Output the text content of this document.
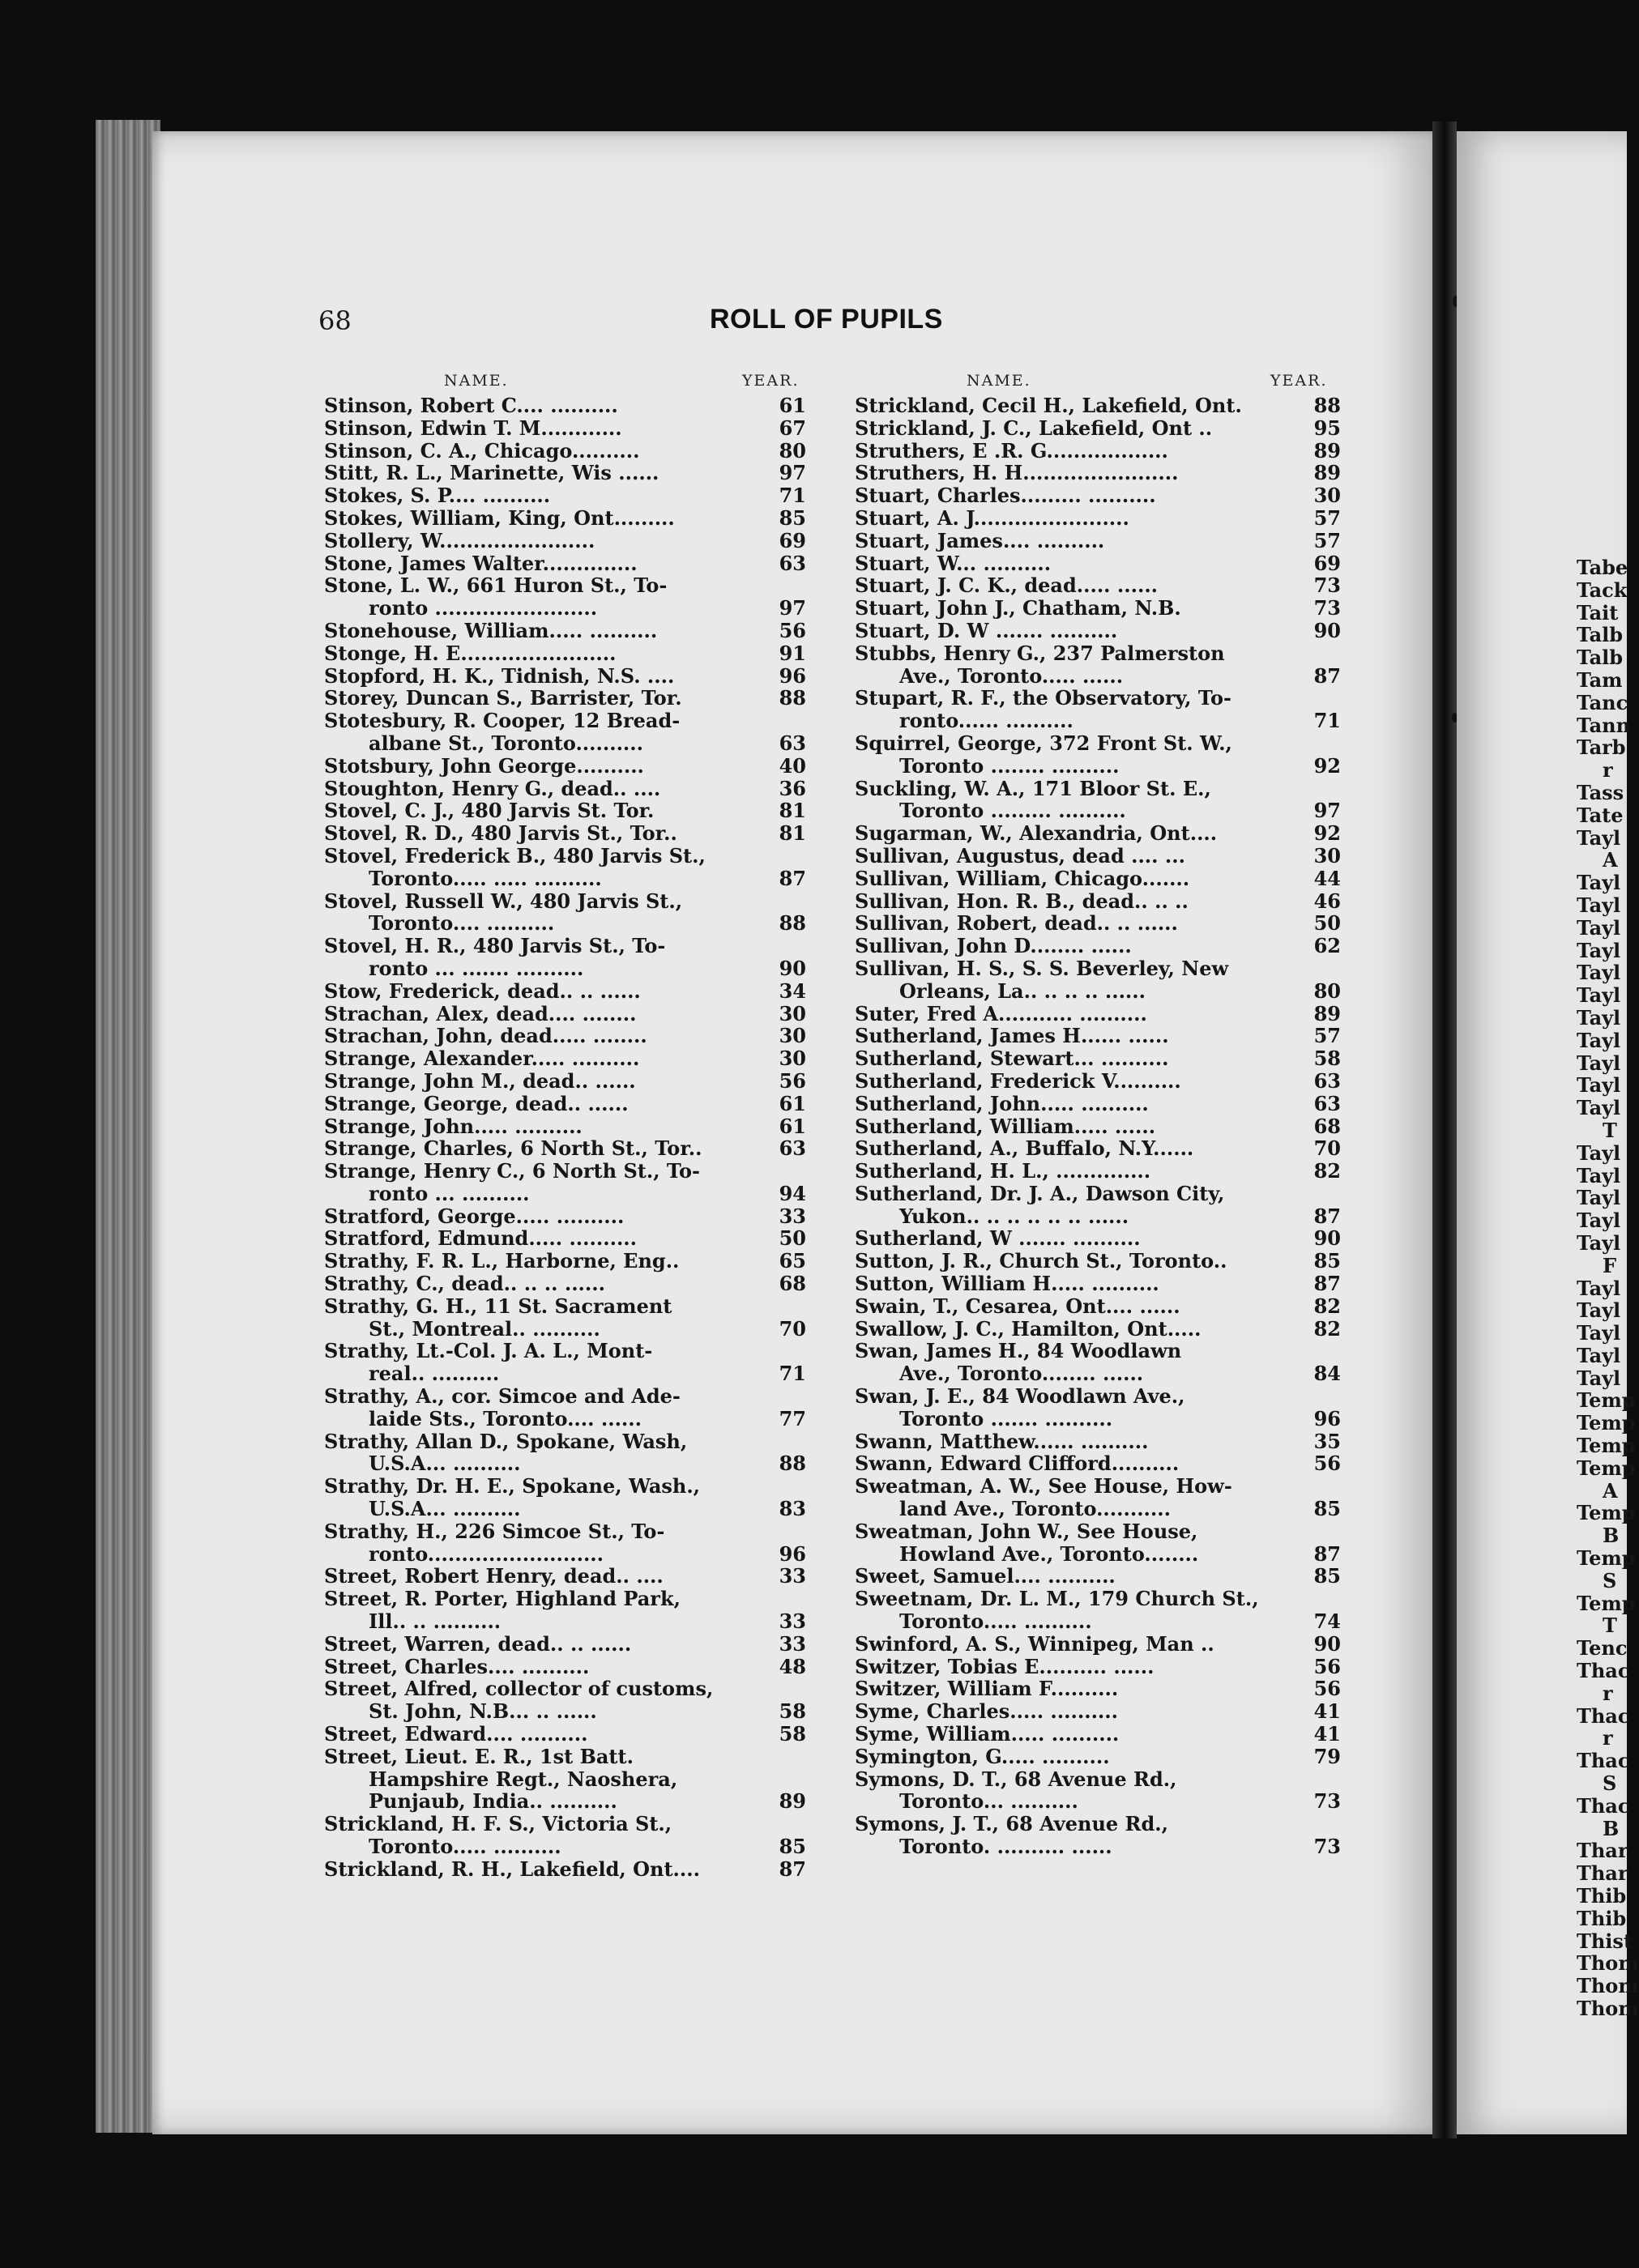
68	ROLL OF PUPILS
NAME.	YEAR.	NAME.	YEAR.
Tabe
Tack
Tait
Talb
Talb
Tam
Tanc
Tann
Tarb
r
Tass
Tate
Tayl
A
Tayl
Tayl
Tayl
Tayl
Tayl
Tayl
Tayl
Tayl
Tayl
Tayl
Tayl
T
Tayl
Tayl
Tayl
Tayl
Tayl
F
Tayl
Tayl
Tayl
Tayl
Tayl
Temp
Temp
Temp
Temp
A
Temp
B
Temp
S
Temp
T
Tenc
Thac
r
Thac
r
Thac
S
Thac
B
Thar
Thar
Thib
Thib
Thist
Thom
Thom
Thom
Stinson, Robert C.... ..........	61
Stinson, Edwin T. M............	67
Stinson, C. A., Chicago..........	80
Stitt, R. L., Marinette, Wis ......	97
Stokes, S. P.... ..........	71
Stokes, William, King, Ont.........	85
Stollery, W.......................	69
Stone, James Walter..............	63
Stone, L. W., 661 Huron St., To-
ronto ........................	97
Stonehouse, William..... ..........	56
Stonge, H. E.......................	91
Stopford, H. K., Tidnish, N.S. ....	96
Storey, Duncan S., Barrister, Tor.	88
Stotesbury, R. Cooper, 12 Bread-
albane St., Toronto..........	63
Stotsbury, John George..........	40
Stoughton, Henry G., dead.. ....	36
Stovel, C. J., 480 Jarvis St. Tor.	81
Stovel, R. D., 480 Jarvis St., Tor..	81
Stovel, Frederick B., 480 Jarvis St.,
Toronto..... ..... ..........	87
Stovel, Russell W., 480 Jarvis St.,
Toronto.... ..........	88
Stovel, H. R., 480 Jarvis St., To-
ronto ... ....... ..........	90
Stow, Frederick, dead.. .. ......	34
Strachan, Alex, dead.... ........	30
Strachan, John, dead..... ........	30
Strange, Alexander..... ..........	30
Strange, John M., dead.. ......	56
Strange, George, dead.. ......	61
Strange, John..... ..........	61
Strange, Charles, 6 North St., Tor..	63
Strange, Henry C., 6 North St., To-
ronto ... ..........	94
Stratford, George..... ..........	33
Stratford, Edmund..... ..........	50
Strathy, F. R. L., Harborne, Eng..	65
Strathy, C., dead.. .. .. ......	68
Strathy, G. H., 11 St. Sacrament
St., Montreal.. ..........	70
Strathy, Lt.-Col. J. A. L., Mont-
real.. ..........	71
Strathy, A., cor. Simcoe and Ade-
laide Sts., Toronto.... ......	77
Strathy, Allan D., Spokane, Wash,
U.S.A... ..........	88
Strathy, Dr. H. E., Spokane, Wash.,
U.S.A... ..........	83
Strathy, H., 226 Simcoe St., To-
ronto..........................	96
Street, Robert Henry, dead.. ....	33
Street, R. Porter, Highland Park,
Ill.. .. ..........	33
Street, Warren, dead.. .. ......	33
Street, Charles.... ..........	48
Street, Alfred, collector of customs,
St. John, N.B... .. ......	58
Street, Edward.... ..........	58
Street, Lieut. E. R., 1st Batt.
Hampshire Regt., Naoshera,
Punjaub, India.. ..........	89
Strickland, H. F. S., Victoria St.,
Toronto..... ..........	85
Strickland, R. H., Lakefield, Ont....	87
Strickland, Cecil H., Lakefield, Ont.	88
Strickland, J. C., Lakefield, Ont ..	95
Struthers, E .R. G..................	89
Struthers, H. H.......................	89
Stuart, Charles......... ..........	30
Stuart, A. J.......................	57
Stuart, James.... ..........	57
Stuart, W... ..........	69
Stuart, J. C. K., dead..... ......	73
Stuart, John J., Chatham, N.B.	73
Stuart, D. W ....... ..........	90
Stubbs, Henry G., 237 Palmerston
Ave., Toronto..... ......	87
Stupart, R. F., the Observatory, To-
ronto...... ..........	71
Squirrel, George, 372 Front St. W.,
Toronto ........ ..........	92
Suckling, W. A., 171 Bloor St. E.,
Toronto ......... ..........	97
Sugarman, W., Alexandria, Ont....	92
Sullivan, Augustus, dead .... ...	30
Sullivan, William, Chicago.......	44
Sullivan, Hon. R. B., dead.. .. ..	46
Sullivan, Robert, dead.. .. ......	50
Sullivan, John D........ ......	62
Sullivan, H. S., S. S. Beverley, New
Orleans, La.. .. .. .. ......	80
Suter, Fred A........... ..........	89
Sutherland, James H...... ......	57
Sutherland, Stewart... ..........	58
Sutherland, Frederick V..........	63
Sutherland, John..... ..........	63
Sutherland, William..... ......	68
Sutherland, A., Buffalo, N.Y......	70
Sutherland, H. L., ..............	82
Sutherland, Dr. J. A., Dawson City,
Yukon.. .. .. .. .. .. ......	87
Sutherland, W ....... ..........	90
Sutton, J. R., Church St., Toronto..	85
Sutton, William H..... ..........	87
Swain, T., Cesarea, Ont.... ......	82
Swallow, J. C., Hamilton, Ont.....	82
Swan, James H., 84 Woodlawn
Ave., Toronto........ ......	84
Swan, J. E., 84 Woodlawn Ave.,
Toronto ....... ..........	96
Swann, Matthew...... ..........	35
Swann, Edward Clifford..........	56
Sweatman, A. W., See House, How-
land Ave., Toronto...........	85
Sweatman, John W., See House,
Howland Ave., Toronto........	87
Sweet, Samuel.... ..........	85
Sweetnam, Dr. L. M., 179 Church St.,
Toronto..... ..........	74
Swinford, A. S., Winnipeg, Man ..	90
Switzer, Tobias E.......... ......	56
Switzer, William F..........	56
Syme, Charles..... ..........	41
Syme, William..... ..........	41
Symington, G..... ..........	79
Symons, D. T., 68 Avenue Rd.,
Toronto... ..........	73
Symons, J. T., 68 Avenue Rd.,
Toronto. .......... ......	73
